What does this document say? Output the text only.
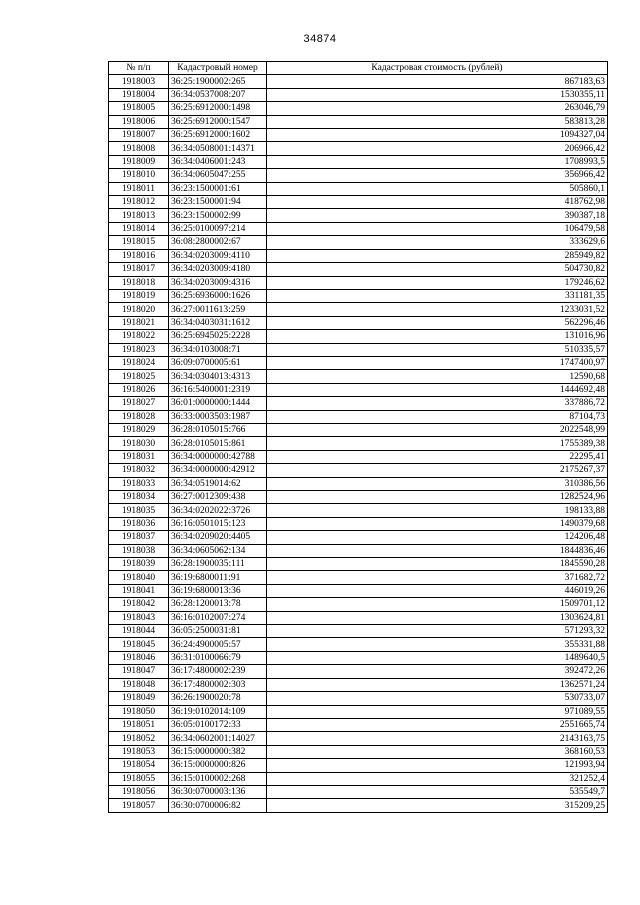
34874
№ п/п	Кадастровый номер	Кадастровая стоимость (рублей)
1918003	36:25:1900002:265	867183,63
1918004	36:34:0537008:207	1530355,11
1918005	36:25:6912000:1498	263046,79
1918006	36:25:6912000:1547	583813,28
1918007	36:25:6912000:1602	1094327,04
1918008	36:34:0508001:14371	206966,42
1918009	36:34:0406001:243	1708993,5
1918010	36:34:0605047:255	356966,42
1918011	36:23:1500001:61	505860,1
1918012	36:23:1500001:94	418762,98
1918013	36:23:1500002:99	390387,18
1918014	36:25:0100097:214	106479,58
1918015	36:08:2800002:67	333629,6
1918016	36:34:0203009:4110	285949,82
1918017	36:34:0203009:4180	504730,82
1918018	36:34:0203009:4316	179246,62
1918019	36:25:6936000:1626	331181,35
1918020	36:27:0011613:259	1233031,52
1918021	36:34:0403031:1612	562296,46
1918022	36:25:6945025:2228	131016,96
1918023	36:34:0103008:71	510335,57
1918024	36:09:0700005:61	1747400,97
1918025	36:34:0304013:4313	12590,68
1918026	36:16:5400001:2319	1444692,48
1918027	36:01:0000000:1444	337886,72
1918028	36:33:0003503:1987	87104,73
1918029	36:28:0105015:766	2022548,99
1918030	36:28:0105015:861	1755389,38
1918031	36:34:0000000:42788	22295,41
1918032	36:34:0000000:42912	2175267,37
1918033	36:34:0519014:62	310386,56
1918034	36:27:0012309:438	1282524,96
1918035	36:34:0202022:3726	198133,88
1918036	36:16:0501015:123	1490379,68
1918037	36:34:0209020:4405	124206,48
1918038	36:34:0605062:134	1844836,46
1918039	36:28:1900035:111	1845590,28
1918040	36:19:6800011:91	371682,72
1918041	36:19:6800013:36	446019,26
1918042	36:28:1200013:78	1509701,12
1918043	36:16:0102007:274	1303624,81
1918044	36:05:2500031:81	571293,32
1918045	36:24:4900005:57	355331,88
1918046	36:31:0100066:79	1489640,5
1918047	36:17:4800002:239	392472,26
1918048	36:17:4800002:303	1362571,24
1918049	36:26:1900020:78	530733,07
1918050	36:19:0102014:109	971089,55
1918051	36:05:0100172:33	2551665,74
1918052	36:34:0602001:14027	2143163,75
1918053	36:15:0000000:382	368160,53
1918054	36:15:0000000:826	121993,94
1918055	36:15:0100002:268	321252,4
1918056	36:30:0700003:136	535549,7
1918057	36:30:0700006:82	315209,25
